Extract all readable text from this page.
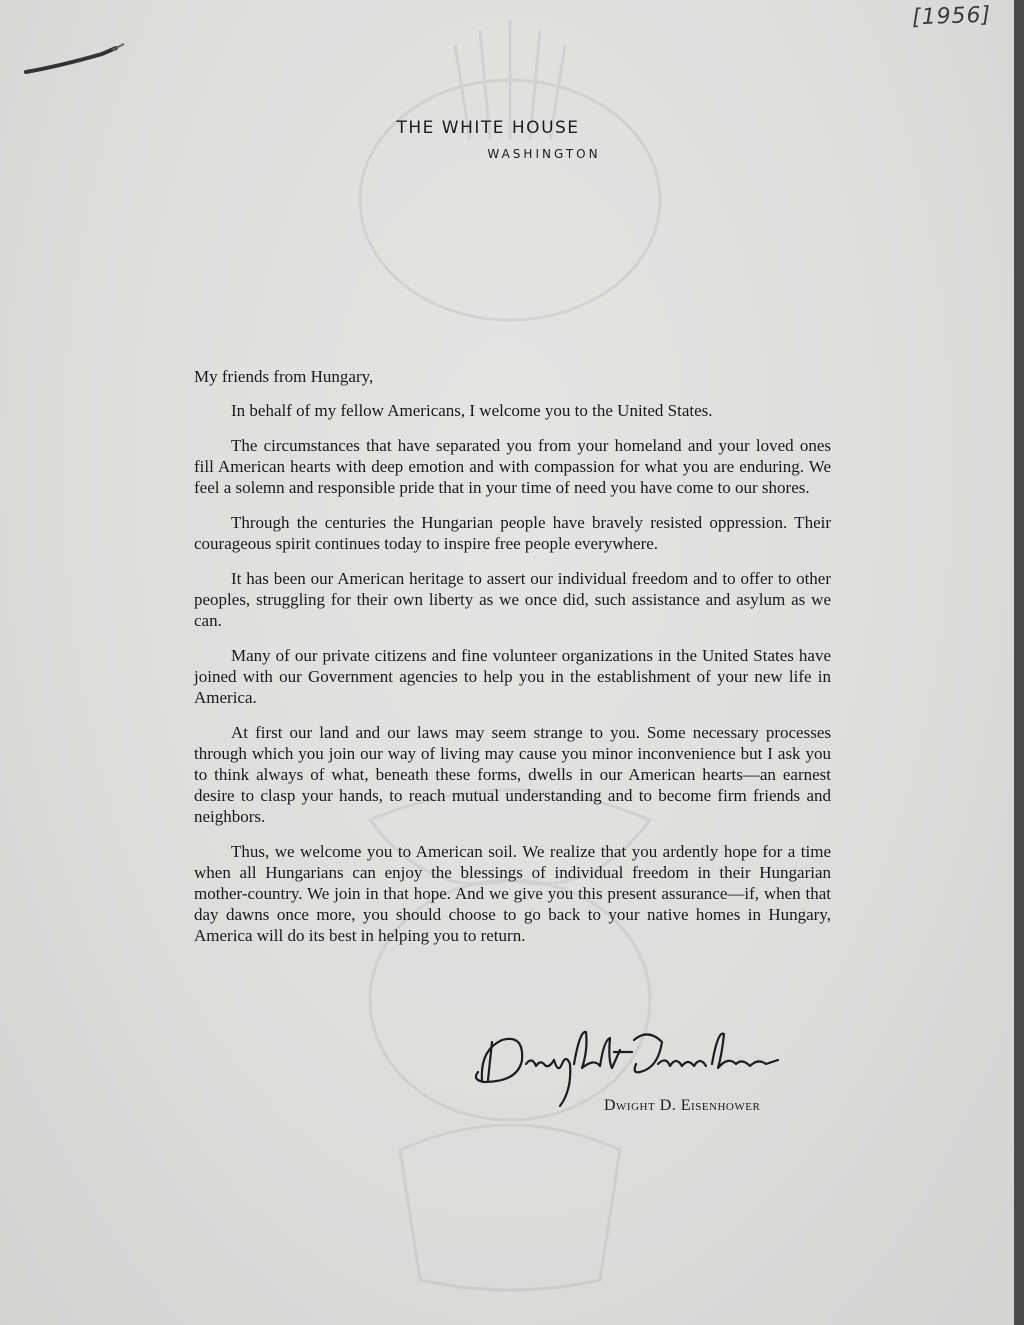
[1956]
THE WHITE HOUSE
WASHINGTON

My friends from Hungary,

In behalf of my fellow Americans, I welcome you to the United States.

The circumstances that have separated you from your homeland and your loved ones fill American hearts with deep emotion and with compassion for what you are enduring. We feel a solemn and responsible pride that in your time of need you have come to our shores.

Through the centuries the Hungarian people have bravely resisted oppression. Their courageous spirit continues today to inspire free people everywhere.

It has been our American heritage to assert our individual freedom and to offer to other peoples, struggling for their own liberty as we once did, such assistance and asylum as we can.

Many of our private citizens and fine volunteer organizations in the United States have joined with our Government agencies to help you in the establishment of your new life in America.

At first our land and our laws may seem strange to you. Some necessary processes through which you join our way of living may cause you minor inconvenience but I ask you to think always of what, beneath these forms, dwells in our American hearts—an earnest desire to clasp your hands, to reach mutual understanding and to become firm friends and neighbors.

Thus, we welcome you to American soil. We realize that you ardently hope for a time when all Hungarians can enjoy the blessings of individual freedom in their Hungarian mother-country. We join in that hope. And we give you this present assurance—if, when that day dawns once more, you should choose to go back to your native homes in Hungary, America will do its best in helping you to return.

Dwight D. Eisenhower
